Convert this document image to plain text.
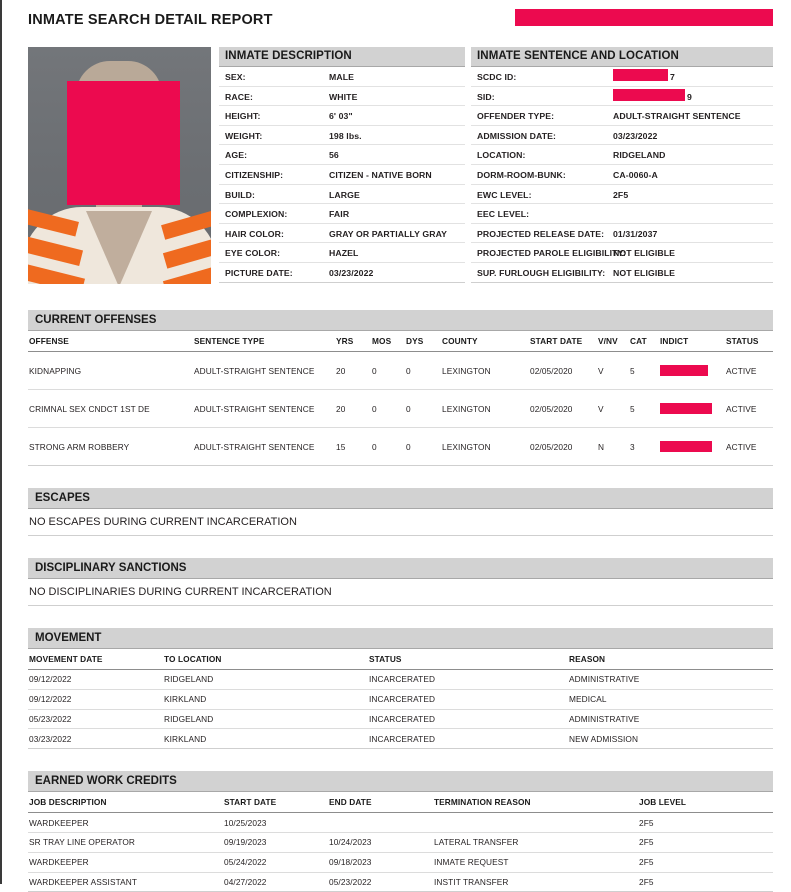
INMATE SEARCH DETAIL REPORT
INMATE DESCRIPTION
SEX:	MALE
RACE:	WHITE
HEIGHT:	6' 03"
WEIGHT:	198 lbs.
AGE:	56
CITIZENSHIP:	CITIZEN - NATIVE BORN
BUILD:	LARGE
COMPLEXION:	FAIR
HAIR COLOR:	GRAY OR PARTIALLY GRAY
EYE COLOR:	HAZEL
PICTURE DATE:	03/23/2022
INMATE SENTENCE AND LOCATION
SCDC ID:	7
SID:	9
OFFENDER TYPE:	ADULT-STRAIGHT SENTENCE
ADMISSION DATE:	03/23/2022
LOCATION:	RIDGELAND
DORM-ROOM-BUNK:	CA-0060-A
EWC LEVEL:	2F5
EEC LEVEL:
PROJECTED RELEASE DATE: 01/31/2037
PROJECTED PAROLE ELIGIBILITY:
NOT ELIGIBLE
SUP. FURLOUGH ELIGIBILITY: NOT ELIGIBLE
CURRENT OFFENSES
OFFENSE	SENTENCE TYPE	YRS	MOS	DYS	COUNTY	START DATE	V/NV	CAT	INDICT	STATUS
KIDNAPPING	ADULT-STRAIGHT SENTENCE	20	0	0	LEXINGTON	02/05/2020	V	5		ACTIVE
CRIMNAL SEX CNDCT 1ST DE	ADULT-STRAIGHT SENTENCE	20	0	0	LEXINGTON	02/05/2020	V	5		ACTIVE
STRONG ARM ROBBERY	ADULT-STRAIGHT SENTENCE	15	0	0	LEXINGTON	02/05/2020	N	3		ACTIVE
ESCAPES
NO ESCAPES DURING CURRENT INCARCERATION
DISCIPLINARY SANCTIONS
NO DISCIPLINARIES DURING CURRENT INCARCERATION
MOVEMENT
MOVEMENT DATE	TO LOCATION	STATUS	REASON
09/12/2022	RIDGELAND	INCARCERATED	ADMINISTRATIVE
09/12/2022	KIRKLAND	INCARCERATED	MEDICAL
05/23/2022	RIDGELAND	INCARCERATED	ADMINISTRATIVE
03/23/2022	KIRKLAND	INCARCERATED	NEW ADMISSION
EARNED WORK CREDITS
JOB DESCRIPTION	START DATE	END DATE	TERMINATION REASON	JOB LEVEL
WARDKEEPER	10/25/2023			2F5
SR TRAY LINE OPERATOR	09/19/2023	10/24/2023	LATERAL TRANSFER	2F5
WARDKEEPER	05/24/2022	09/18/2023	INMATE REQUEST	2F5
WARDKEEPER ASSISTANT	04/27/2022	05/23/2022	INSTIT TRANSFER	2F5
